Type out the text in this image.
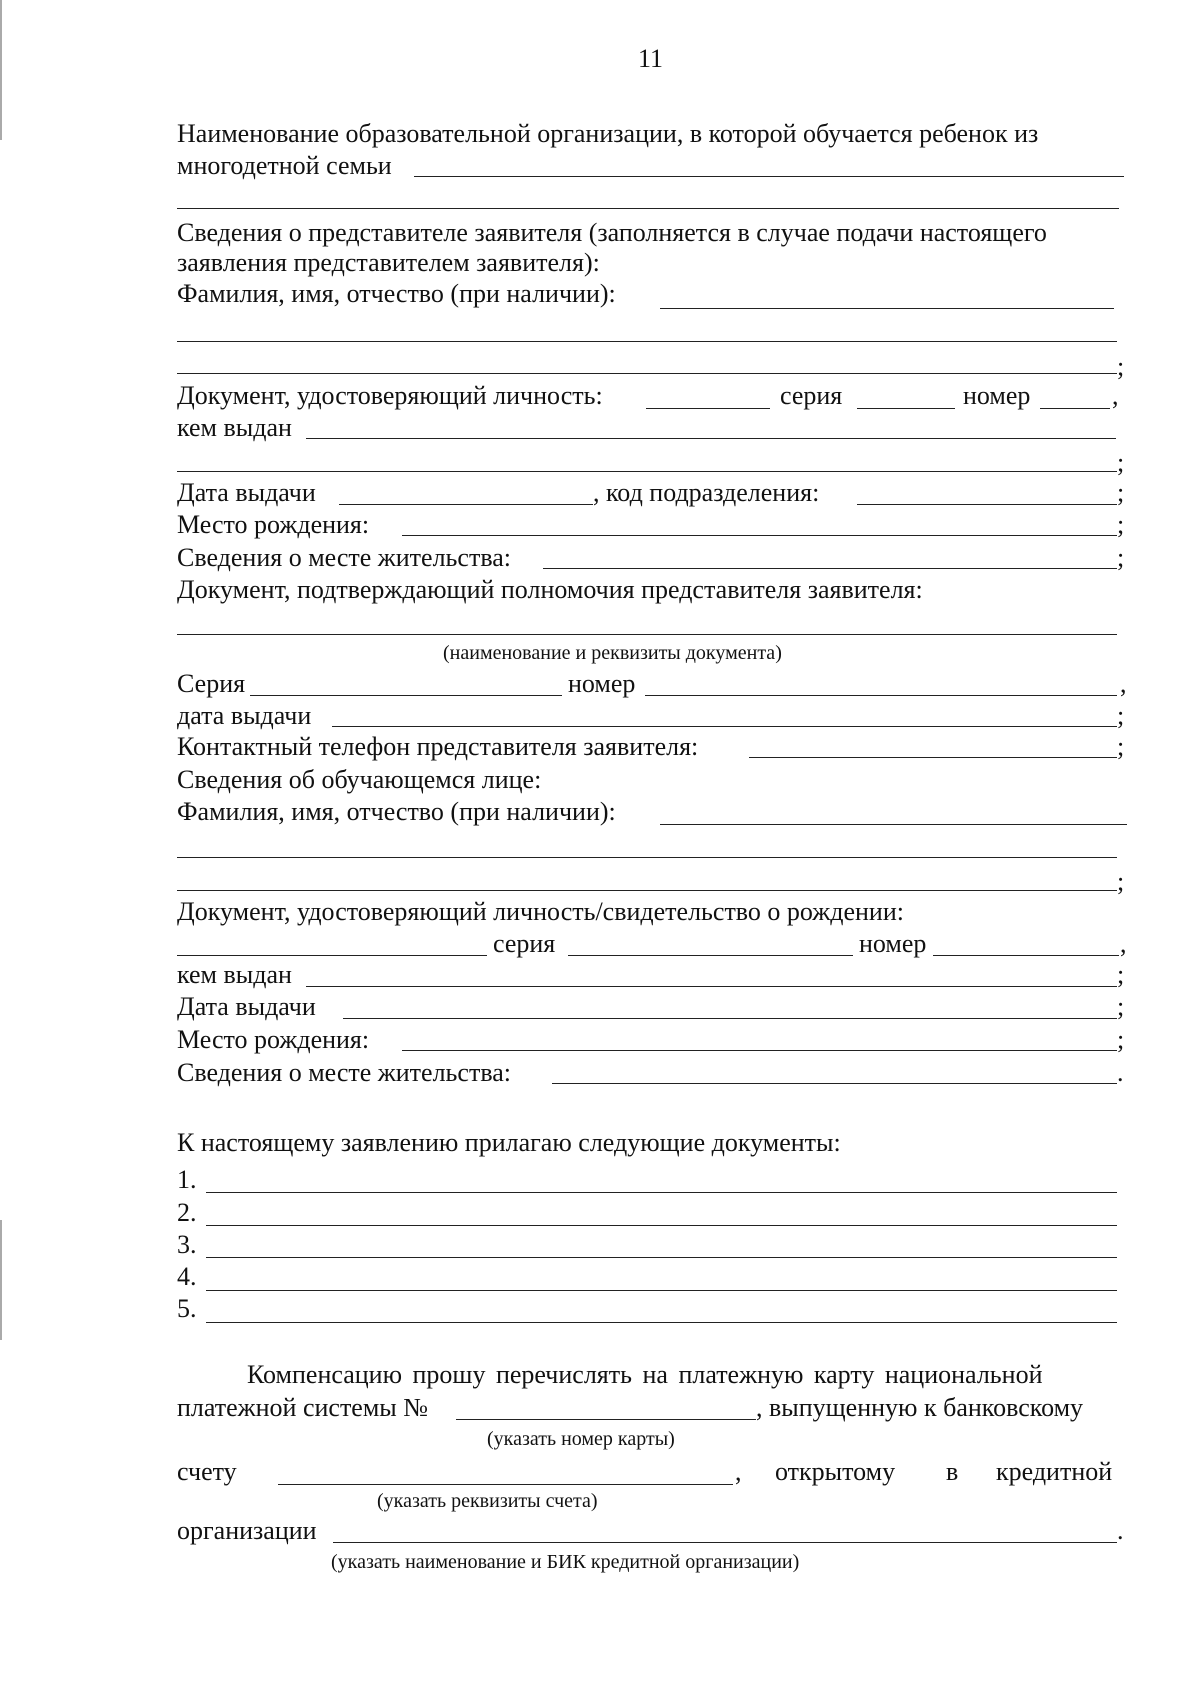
11
Наименование образовательной организации, в которой обучается ребенок из
многодетной семьи
Сведения о представителе заявителя (заполняется в случае подачи настоящего
заявления представителем заявителя):
Фамилия, имя, отчество (при наличии):
;
Документ, удостоверяющий личность:	серия	номер	,
кем выдан
;
Дата выдачи	, код подразделения:	;
Место рождения:	;
Сведения о месте жительства:	;
Документ, подтверждающий полномочия представителя заявителя:
(наименование и реквизиты документа)
Серия	номер	,
дата выдачи	;
Контактный телефон представителя заявителя:	;
Сведения об обучающемся лице:
Фамилия, имя, отчество (при наличии):
;
Документ, удостоверяющий личность/свидетельство о рождении:
серия	номер	,
кем выдан	;
Дата выдачи	;
Место рождения:	;
Сведения о месте жительства:	.
К настоящему заявлению прилагаю следующие документы:
1.
2.
3.
4.
5.
Компенсацию прошу перечислять на платежную карту национальной
платежной системы №	, выпущенную к банковскому
(указать номер карты)
счету	, открытому в кредитной
(указать реквизиты счета)
организации	.
(указать наименование и БИК кредитной организации)
